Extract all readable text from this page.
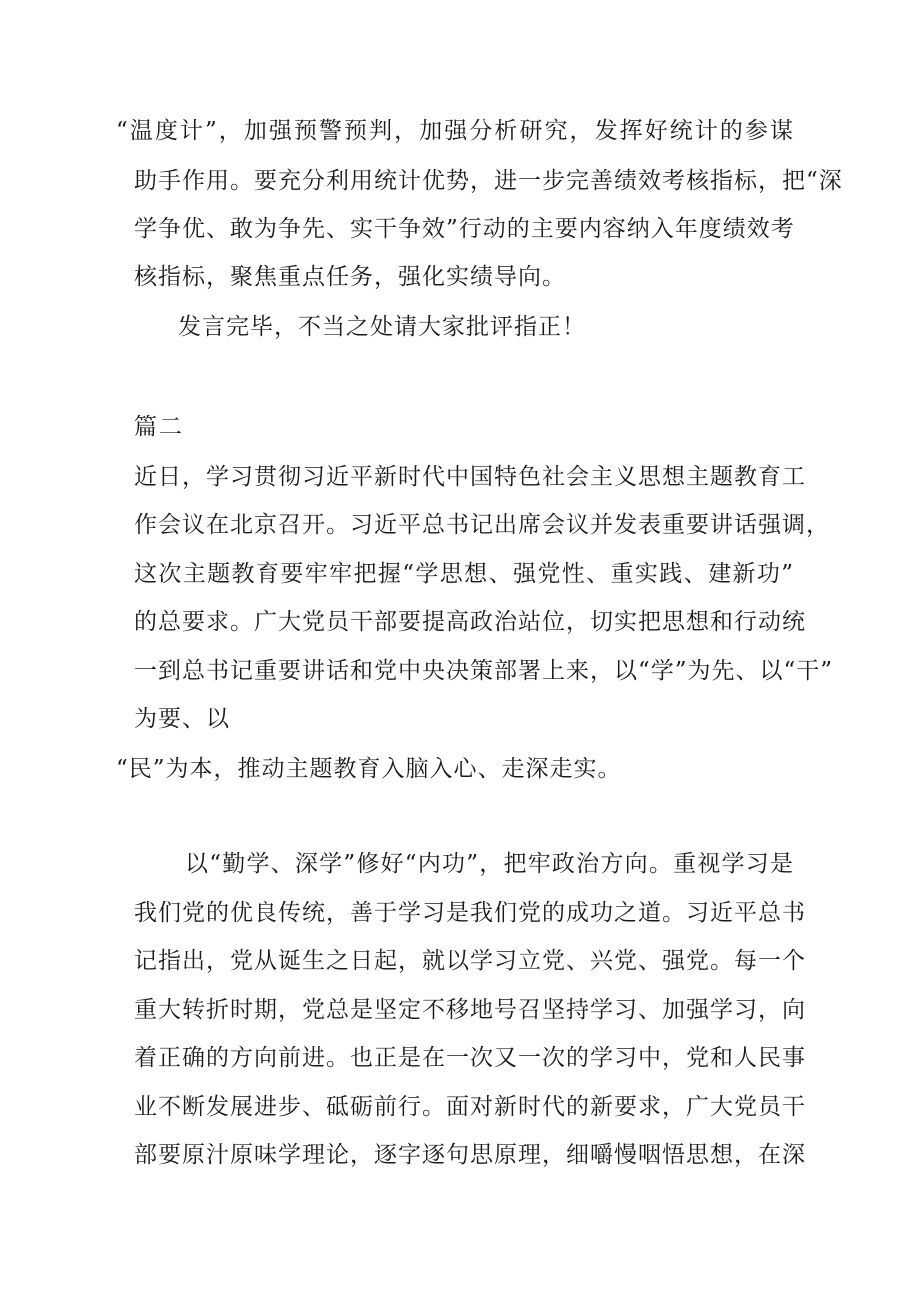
“温度计”，加强预警预判，加强分析研究，发挥好统计的参谋
助手作用。要充分利用统计优势，进一步完善绩效考核指标，把“深
学争优、敢为争先、实干争效”行动的主要内容纳入年度绩效考
核指标，聚焦重点任务，强化实绩导向。
发言完毕，不当之处请大家批评指正！
篇二
近日，学习贯彻习近平新时代中国特色社会主义思想主题教育工
作会议在北京召开。习近平总书记出席会议并发表重要讲话强调，
这次主题教育要牢牢把握“学思想、强党性、重实践、建新功”
的总要求。广大党员干部要提高政治站位，切实把思想和行动统
一到总书记重要讲话和党中央决策部署上来，以“学”为先、以“干”
为要、以
“民”为本，推动主题教育入脑入心、走深走实。
以“勤学、深学”修好“内功”，把牢政治方向。重视学习是
我们党的优良传统，善于学习是我们党的成功之道。习近平总书
记指出，党从诞生之日起，就以学习立党、兴党、强党。每一个
重大转折时期，党总是坚定不移地号召坚持学习、加强学习，向
着正确的方向前进。也正是在一次又一次的学习中，党和人民事
业不断发展进步、砥砺前行。面对新时代的新要求，广大党员干
部要原汁原味学理论，逐字逐句思原理，细嚼慢咽悟思想，在深
